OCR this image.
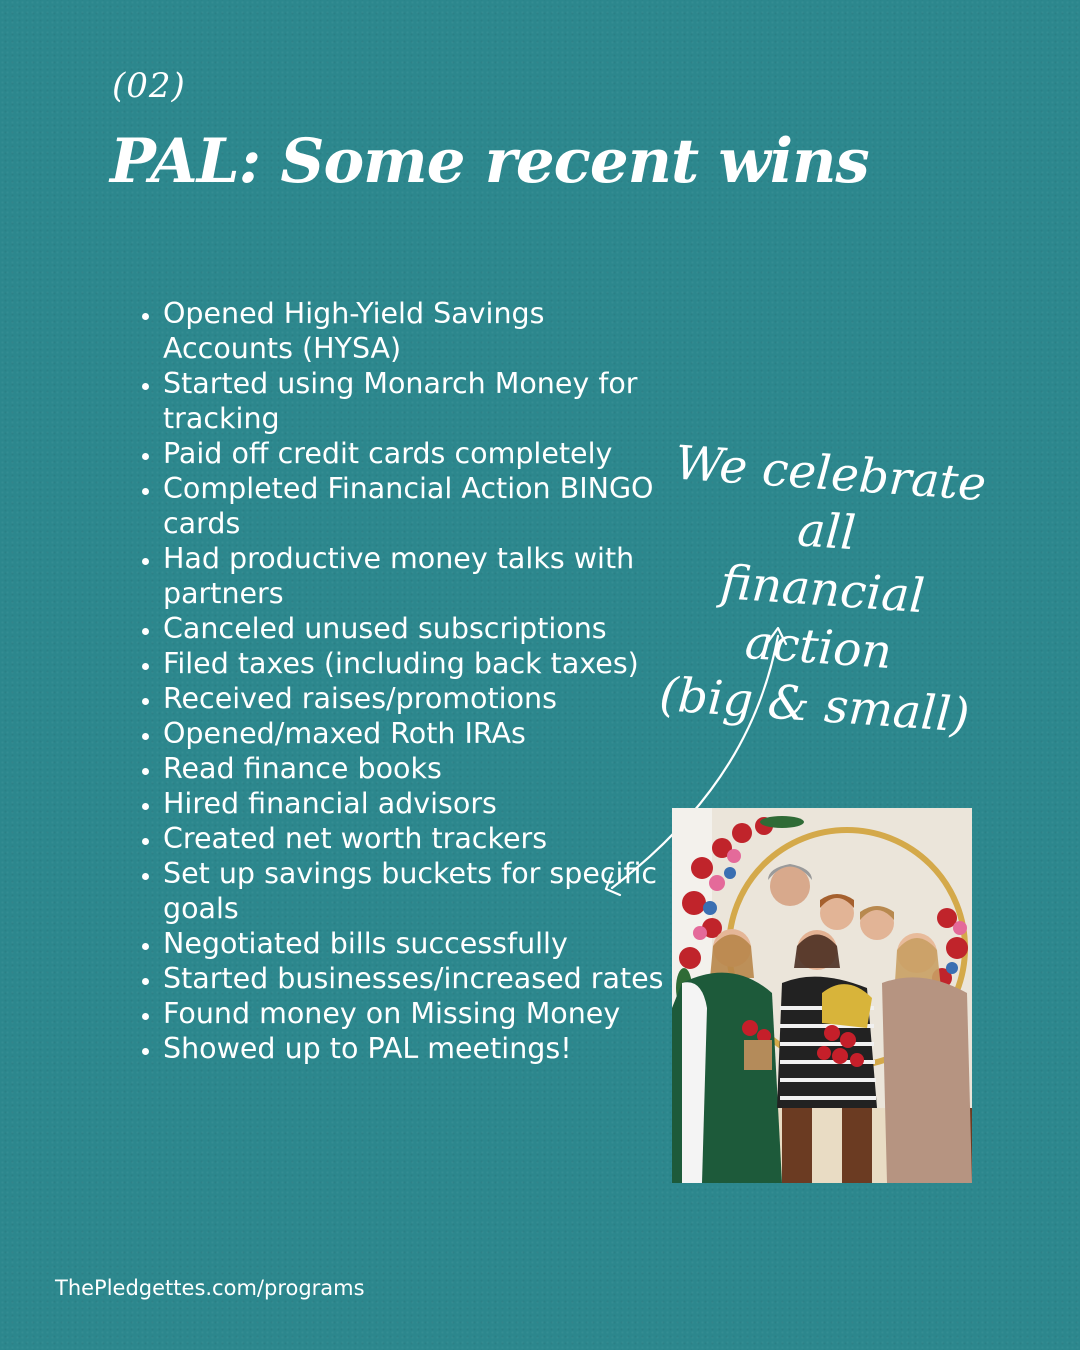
(02)
PAL: Some recent wins
• Opened High-Yield Savings Accounts (HYSA)
• Started using Monarch Money for tracking
• Paid off credit cards completely
• Completed Financial Action BINGO cards
• Had productive money talks with partners
• Canceled unused subscriptions
• Filed taxes (including back taxes)
• Received raises/promotions
• Opened/maxed Roth IRAs
• Read finance books
• Hired financial advisors
• Created net worth trackers
• Set up savings buckets for specific goals
• Negotiated bills successfully
• Started businesses/increased rates
• Found money on Missing Money
• Showed up to PAL meetings!
We celebrate all
financial action
(big & small)
ThePledgettes.com/programs
